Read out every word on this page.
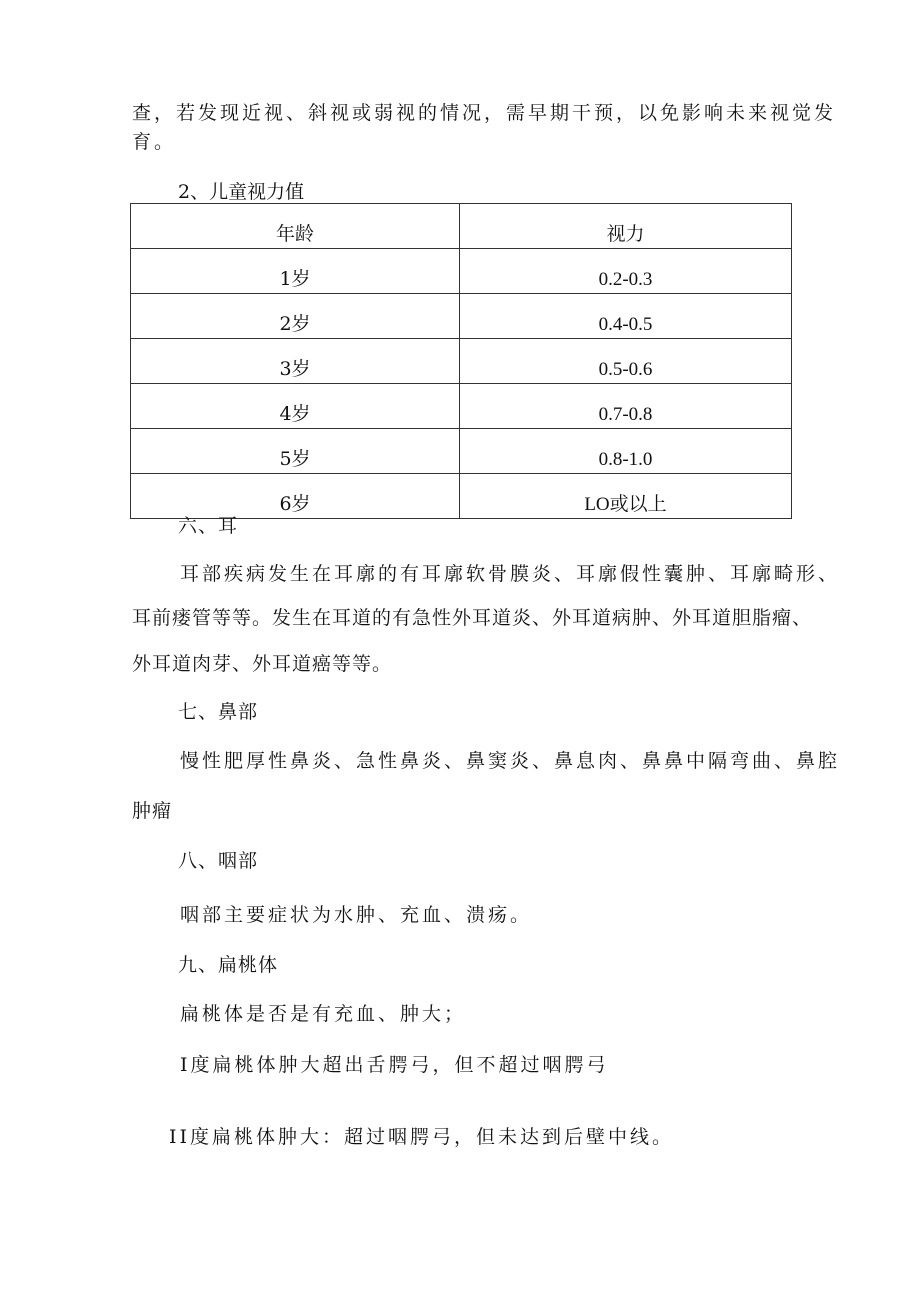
查，若发现近视、斜视或弱视的情况，需早期干预，以免影响未来视觉发
育。
2、儿童视力值
年龄	视力
1岁	0.2-0.3
2岁	0.4-0.5
3岁	0.5-0.6
4岁	0.7-0.8
5岁	0.8-1.0
6岁	LO或以上
六、耳
耳部疾病发生在耳廓的有耳廓软骨膜炎、耳廓假性囊肿、耳廓畸形、
耳前瘘管等等。发生在耳道的有急性外耳道炎、外耳道病肿、外耳道胆脂瘤、
外耳道肉芽、外耳道癌等等。
七、鼻部
慢性肥厚性鼻炎、急性鼻炎、鼻窦炎、鼻息肉、鼻鼻中隔弯曲、鼻腔
肿瘤
八、咽部
咽部主要症状为水肿、充血、溃疡。
九、扁桃体
扁桃体是否是有充血、肿大；
I度扁桃体肿大超出舌腭弓，但不超过咽腭弓
II度扁桃体肿大：超过咽腭弓，但未达到后壁中线。
